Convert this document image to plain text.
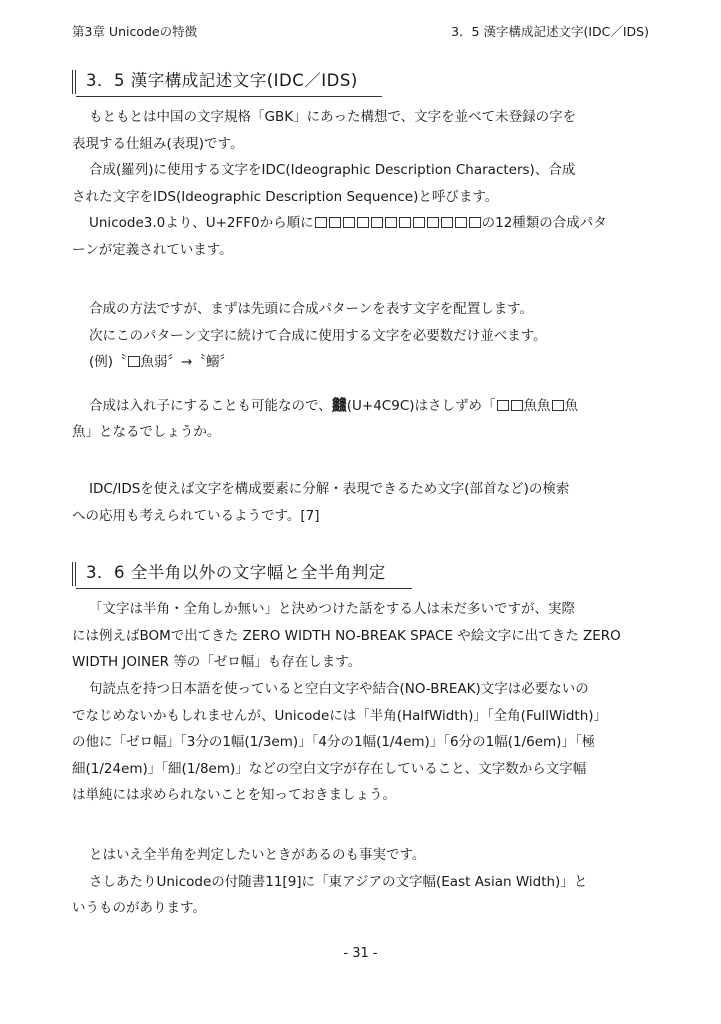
第3章 Unicodeの特徴	3．5 漢字構成記述文字(IDC／IDS)
3．5 漢字構成記述文字(IDC／IDS)
もともとは中国の文字規格「GBK」にあった構想で、文字を並べて未登録の字を
表現する仕組み(表現)です。
合成(羅列)に使用する文字をIDC(Ideographic Description Characters)、合成
された文字をIDS(Ideographic Description Sequence)と呼びます。
Unicode3.0より、U+2FF0から順に	の12種類の合成パタ
ーンが定義されています。
合成の方法ですが、まずは先頭に合成パターンを表す文字を配置します。
次にこのパターン文字に続けて合成に使用する文字を必要数だけ並べます。
(例)〝 魚弱〞→〝鰯〞
合成は入れ子にすることも可能なので、䲜(U+4C9C)はさしずめ「 魚魚 魚
魚」となるでしょうか。
IDC/IDSを使えば文字を構成要素に分解・表現できるため文字(部首など)の検索
への応用も考えられているようです。[7]
3．6 全半角以外の文字幅と全半角判定
「文字は半角・全角しか無い」と決めつけた話をする人は未だ多いですが、実際
には例えばBOMで出てきた ZERO WIDTH NO-BREAK SPACE や絵文字に出てきた ZERO
WIDTH JOINER 等の「ゼロ幅」も存在します。
句読点を持つ日本語を使っていると空白文字や結合(NO-BREAK)文字は必要ないの
でなじめないかもしれませんが、Unicodeには「半角(HalfWidth)」「全角(FullWidth)」
の他に「ゼロ幅」「3分の1幅(1/3em)」「4分の1幅(1/4em)」「6分の1幅(1/6em)」「極
細(1/24em)」「細(1/8em)」などの空白文字が存在していること、文字数から文字幅
は単純には求められないことを知っておきましょう。
とはいえ全半角を判定したいときがあるのも事実です。
さしあたりUnicodeの付随書11[9]に「東アジアの文字幅(East Asian Width)」と
いうものがあります。
- 31 -
